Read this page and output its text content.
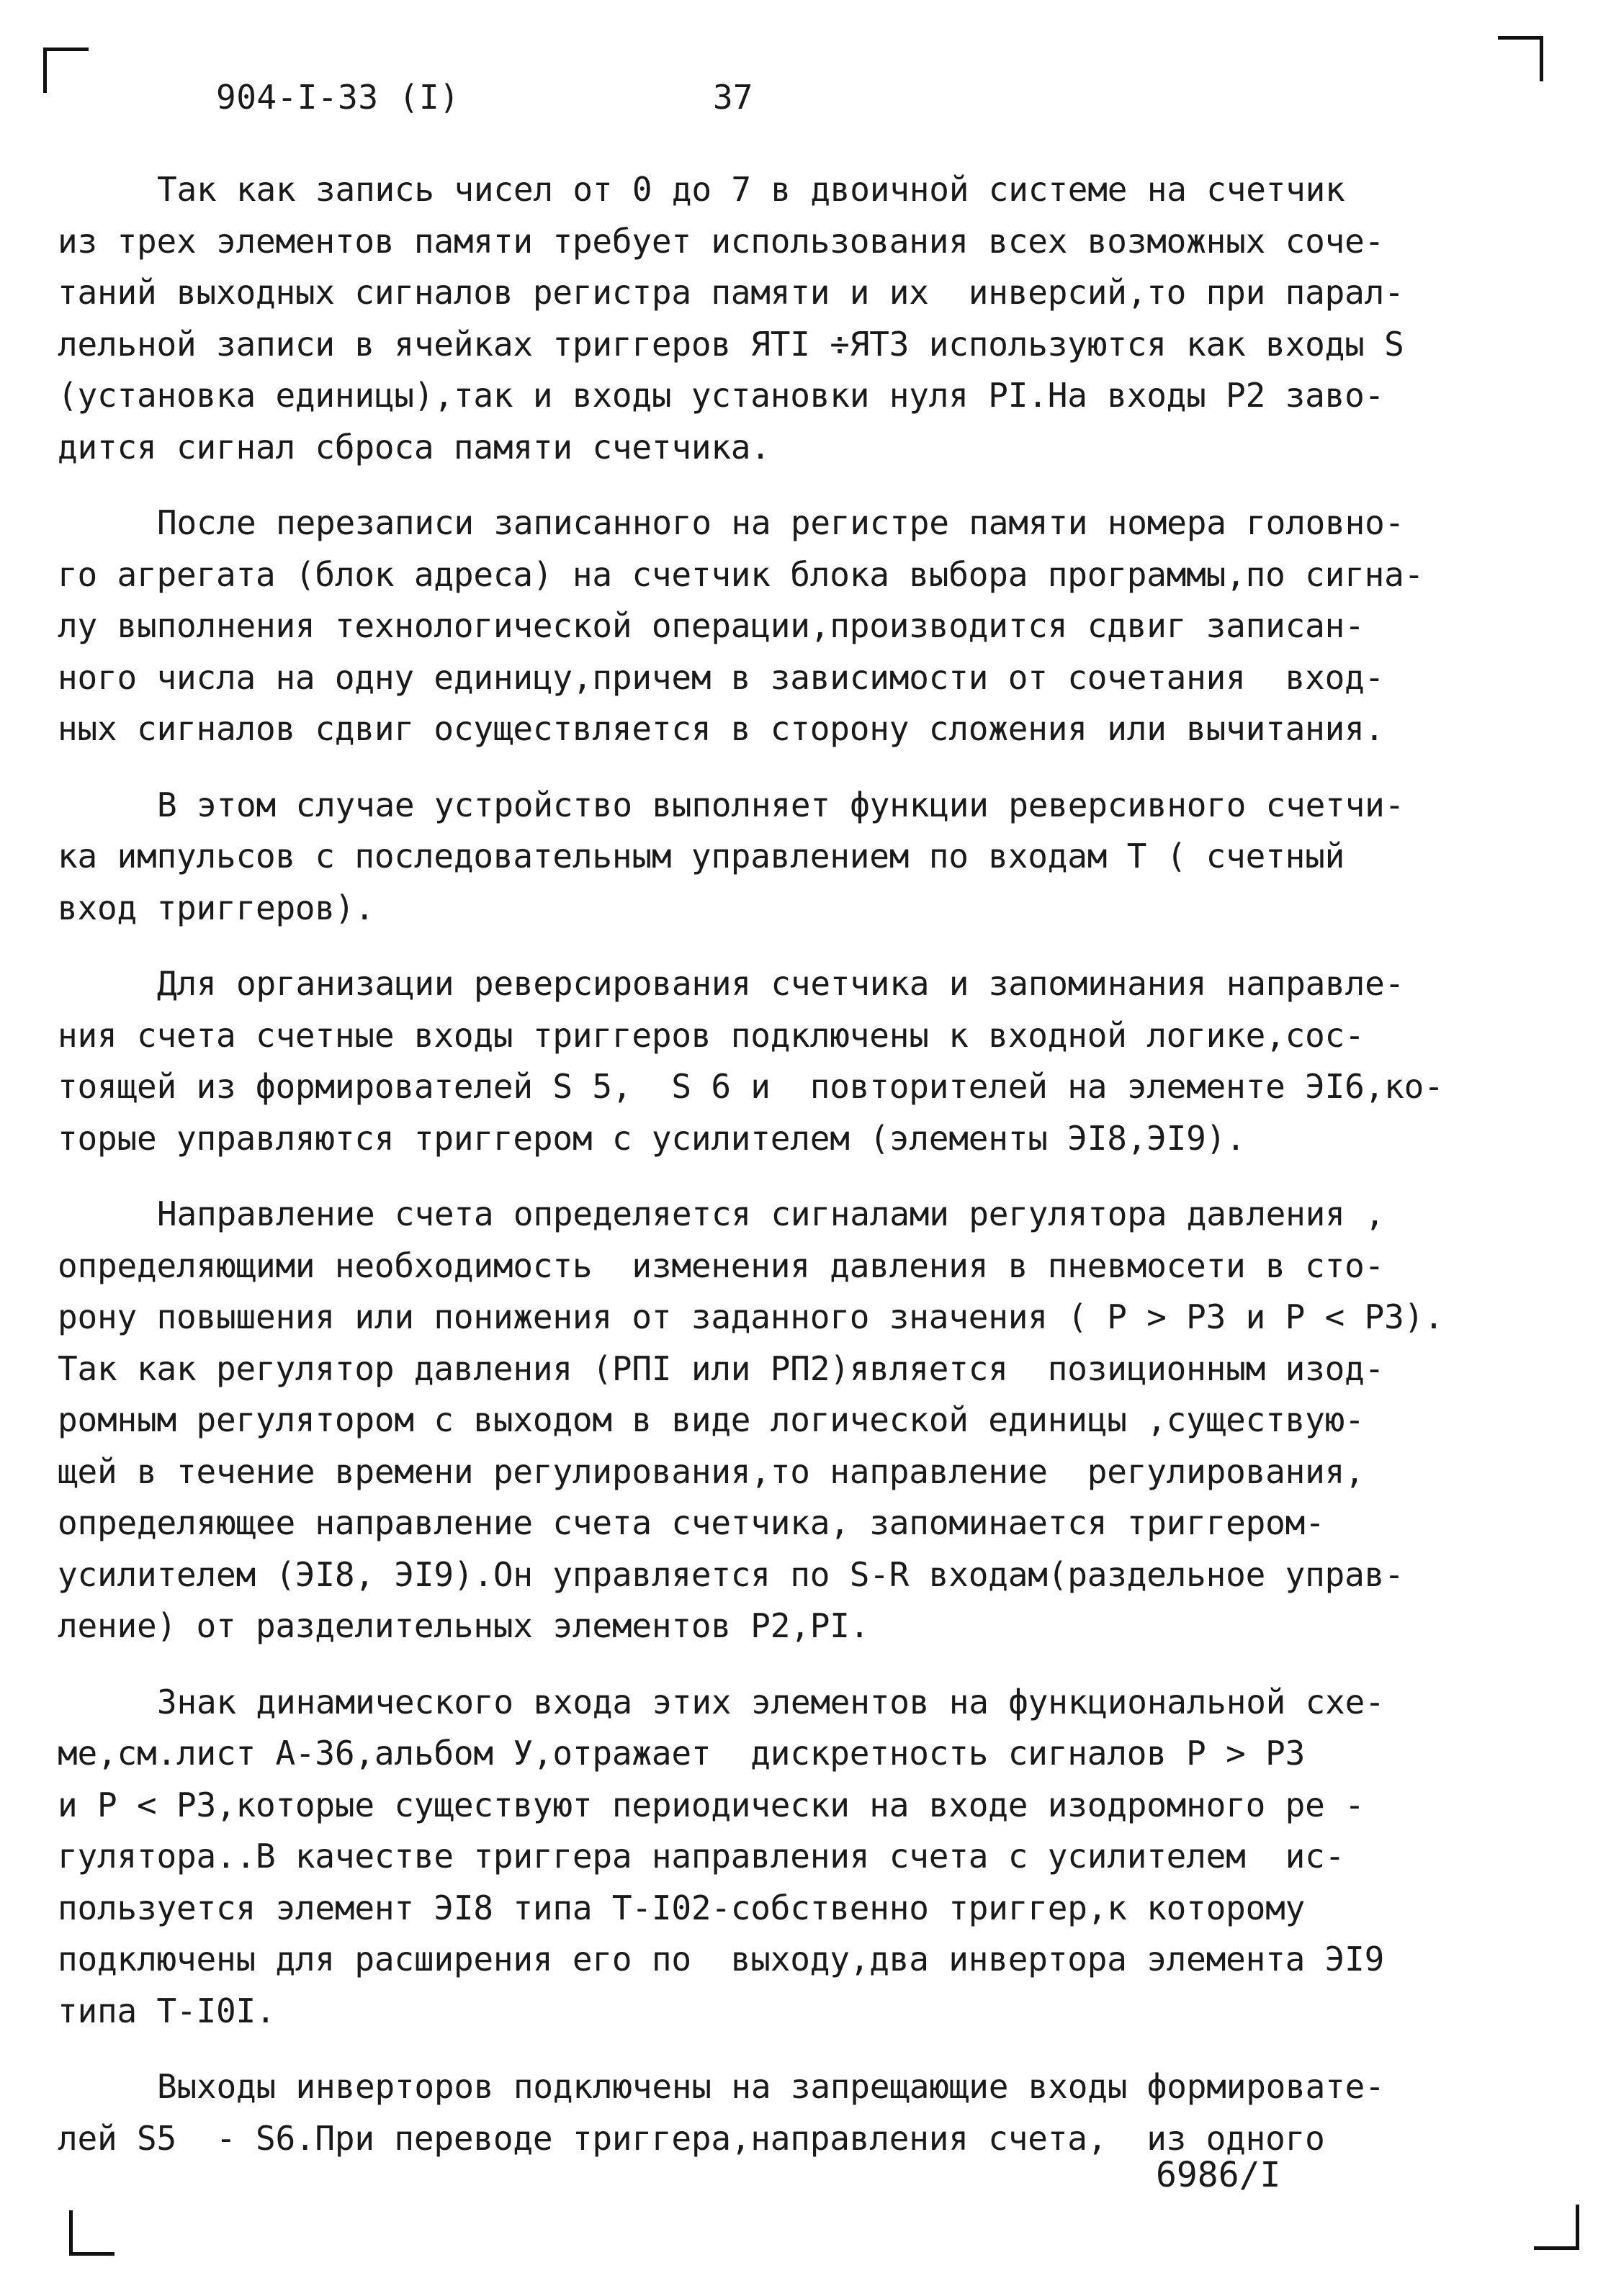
904-I-33 (I)	37
Так как запись чисел от 0 до 7 в двоичной системе на счетчик
из трех элементов памяти требует использования всех возможных соче-
таний выходных сигналов регистра памяти и их  инверсий,то при парал-
лельной записи в ячейках триггеров ЯТI ÷ЯТЗ используются как входы S
(установка единицы),так и входы установки нуля PI.На входы P2 заво-
дится сигнал сброса памяти счетчика.
После перезаписи записанного на регистре памяти номера головно-
го агрегата (блок адреса) на счетчик блока выбора программы,по сигна-
лу выполнения технологической операции,производится сдвиг записан-
ного числа на одну единицу,причем в зависимости от сочетания  вход-
ных сигналов сдвиг осуществляется в сторону сложения или вычитания.
В этом случае устройство выполняет функции реверсивного счетчи-
ка импульсов с последовательным управлением по входам T ( счетный
вход триггеров).
Для организации реверсирования счетчика и запоминания направле-
ния счета счетные входы триггеров подключены к входной логике,сос-
тоящей из формирователей S 5,  S 6 и  повторителей на элементе ЭI6,ко-
торые управляются триггером с усилителем (элементы ЭI8,ЭI9).
Направление счета определяется сигналами регулятора давления ,
определяющими необходимость  изменения давления в пневмосети в сто-
рону повышения или понижения от заданного значения ( P > P3 и P < P3).
Так как регулятор давления (PПI или PП2)является  позиционным изод-
ромным регулятором с выходом в виде логической единицы ,существую-
щей в течение времени регулирования,то направление  регулирования,
определяющее направление счета счетчика, запоминается триггером-
усилителем (ЭI8, ЭI9).Он управляется по S-R входам(раздельное управ-
ление) от разделительных элементов P2,PI.
Знак динамического входа этих элементов на функциональной схе-
ме,см.лист А-36,альбом У,отражает  дискретность сигналов P > P3
и P < P3,которые существуют периодически на входе изодромного ре -
гулятора..В качестве триггера направления счета с усилителем  ис-
пользуется элемент ЭI8 типа T-I02-собственно триггер,к которому
подключены для расширения его по  выходу,два инвертора элемента ЭI9
типа T-I0I.
Выходы инверторов подключены на запрещающие входы формировате-
лей S5  - S6.При переводе триггера,направления счета,  из одного
6986/I
